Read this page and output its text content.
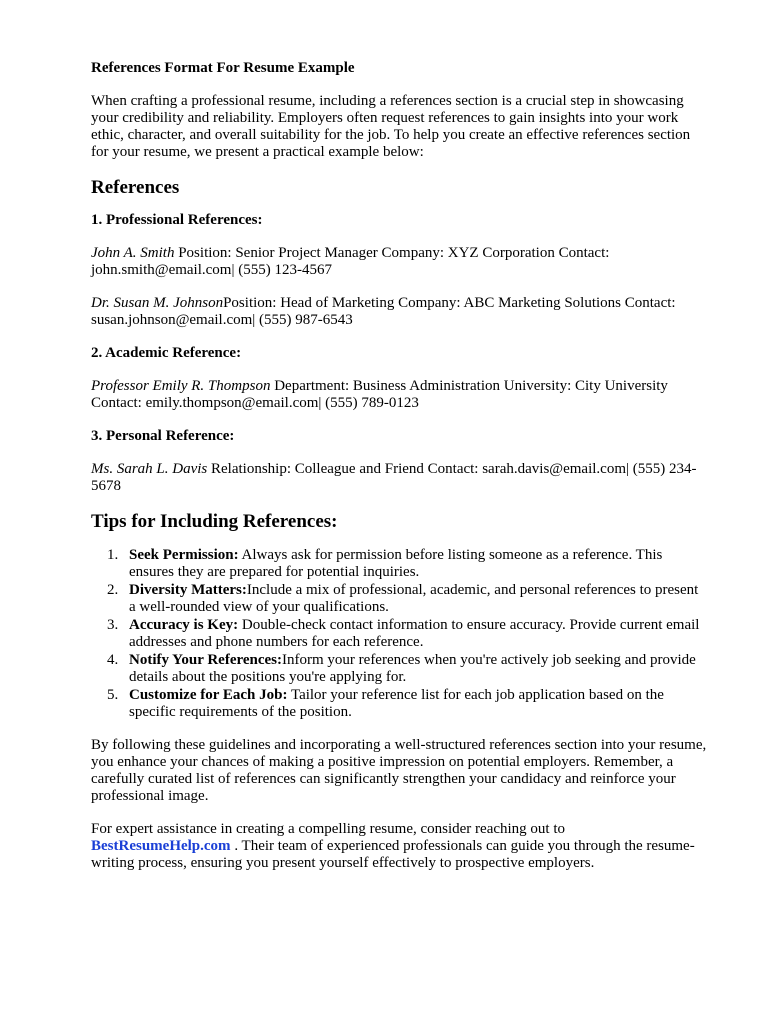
References Format For Resume Example

When crafting a professional resume, including a references section is a crucial step in showcasing your credibility and reliability. Employers often request references to gain insights into your work ethic, character, and overall suitability for the job. To help you create an effective references section for your resume, we present a practical example below:

References
1. Professional References:

John A. Smith Position: Senior Project Manager Company: XYZ Corporation Contact: john.smith@email.com| (555) 123-4567

Dr. Susan M. JohnsonPosition: Head of Marketing Company: ABC Marketing Solutions Contact: susan.johnson@email.com| (555) 987-6543

2. Academic Reference:

Professor Emily R. Thompson Department: Business Administration University: City University Contact: emily.thompson@email.com| (555) 789-0123

3. Personal Reference:

Ms. Sarah L. Davis Relationship: Colleague and Friend Contact: sarah.davis@email.com| (555) 234-5678

Tips for Including References:
1. Seek Permission: Always ask for permission before listing someone as a reference. This ensures they are prepared for potential inquiries.
2. Diversity Matters:Include a mix of professional, academic, and personal references to present a well-rounded view of your qualifications.
3. Accuracy is Key: Double-check contact information to ensure accuracy. Provide current email addresses and phone numbers for each reference.
4. Notify Your References:Inform your references when you're actively job seeking and provide details about the positions you're applying for.
5. Customize for Each Job: Tailor your reference list for each job application based on the specific requirements of the position.

By following these guidelines and incorporating a well-structured references section into your resume, you enhance your chances of making a positive impression on potential employers. Remember, a carefully curated list of references can significantly strengthen your candidacy and reinforce your professional image.

For expert assistance in creating a compelling resume, consider reaching out to BestResumeHelp.com . Their team of experienced professionals can guide you through the resume-writing process, ensuring you present yourself effectively to prospective employers.
